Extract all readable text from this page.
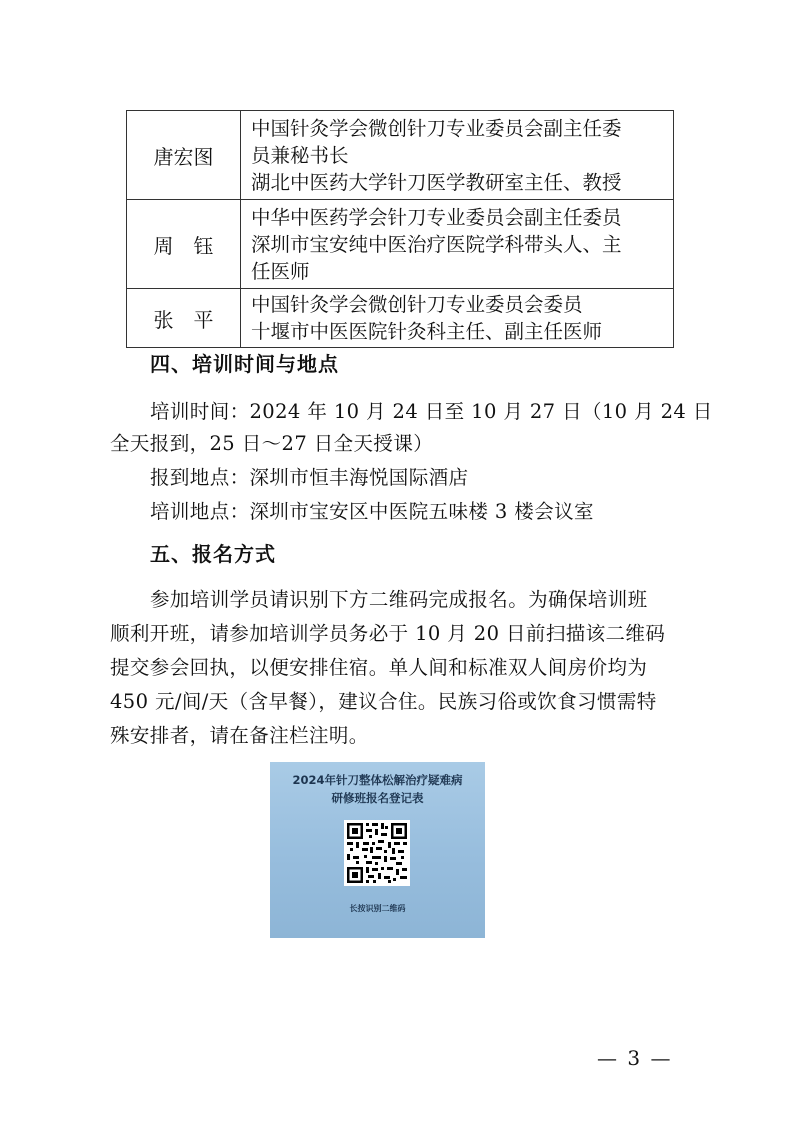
唐宏图	中国针灸学会微创针刀专业委员会副主任委
员兼秘书长
湖北中医药大学针刀医学教研室主任、教授

周　钰	中华中医药学会针刀专业委员会副主任委员
深圳市宝安纯中医治疗医院学科带头人、主
任医师

张　平	中国针灸学会微创针刀专业委员会委员
十堰市中医医院针灸科主任、副主任医师
四、培训时间与地点
培训时间：2024 年 10 月 24 日至 10 月 27 日（10 月 24 日
全天报到，25 日～27 日全天授课）
报到地点：深圳市恒丰海悦国际酒店
培训地点：深圳市宝安区中医院五味楼 3 楼会议室
五、报名方式
参加培训学员请识别下方二维码完成报名。为确保培训班
顺利开班，请参加培训学员务必于 10 月 20 日前扫描该二维码
提交参会回执，以便安排住宿。单人间和标准双人间房价均为
450 元/间/天（含早餐），建议合住。民族习俗或饮食习惯需特
殊安排者，请在备注栏注明。
2024年针刀整体松解治疗疑难病
研修班报名登记表
长按识别二维码
— 3 —
